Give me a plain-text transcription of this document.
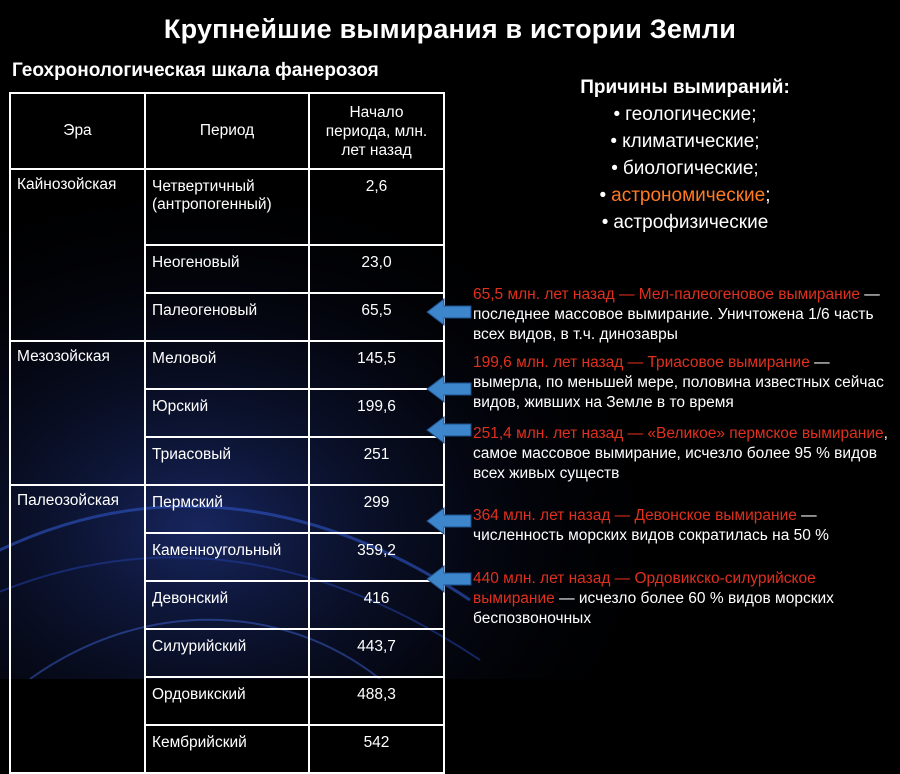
Крупнейшие вымирания в истории Земли
Геохронологическая шкала фанерозоя
Эра	Период	Начало периода, млн. лет назад
Кайнозойская	Четвертичный (антропогенный)	2,6
	Неогеновый	23,0
	Палеогеновый	65,5
Мезозойская	Меловой	145,5
	Юрский	199,6
	Триасовый	251
Палеозойская	Пермский	299
	Каменноугольный	359,2
	Девонский	416
	Силурийский	443,7
	Ордовикский	488,3
	Кембрийский	542
Причины вымираний:
• геологические;
• климатические;
• биологические;
• астрономические;
• астрофизические
65,5 млн. лет назад — Мел-палеогеновое вымирание — последнее массовое вымирание. Уничтожена 1/6 часть всех видов, в т.ч. динозавры
199,6 млн. лет назад — Триасовое вымирание — вымерла, по меньшей мере, половина известных сейчас видов, живших на Земле в то время
251,4 млн. лет назад — «Великое» пермское вымирание, самое массовое вымирание, исчезло более 95 % видов всех живых существ
364 млн. лет назад — Девонское вымирание — численность морских видов сократилась на 50 %
440 млн. лет назад — Ордовикско-силурийское вымирание — исчезло более 60 % видов морских беспозвоночных
